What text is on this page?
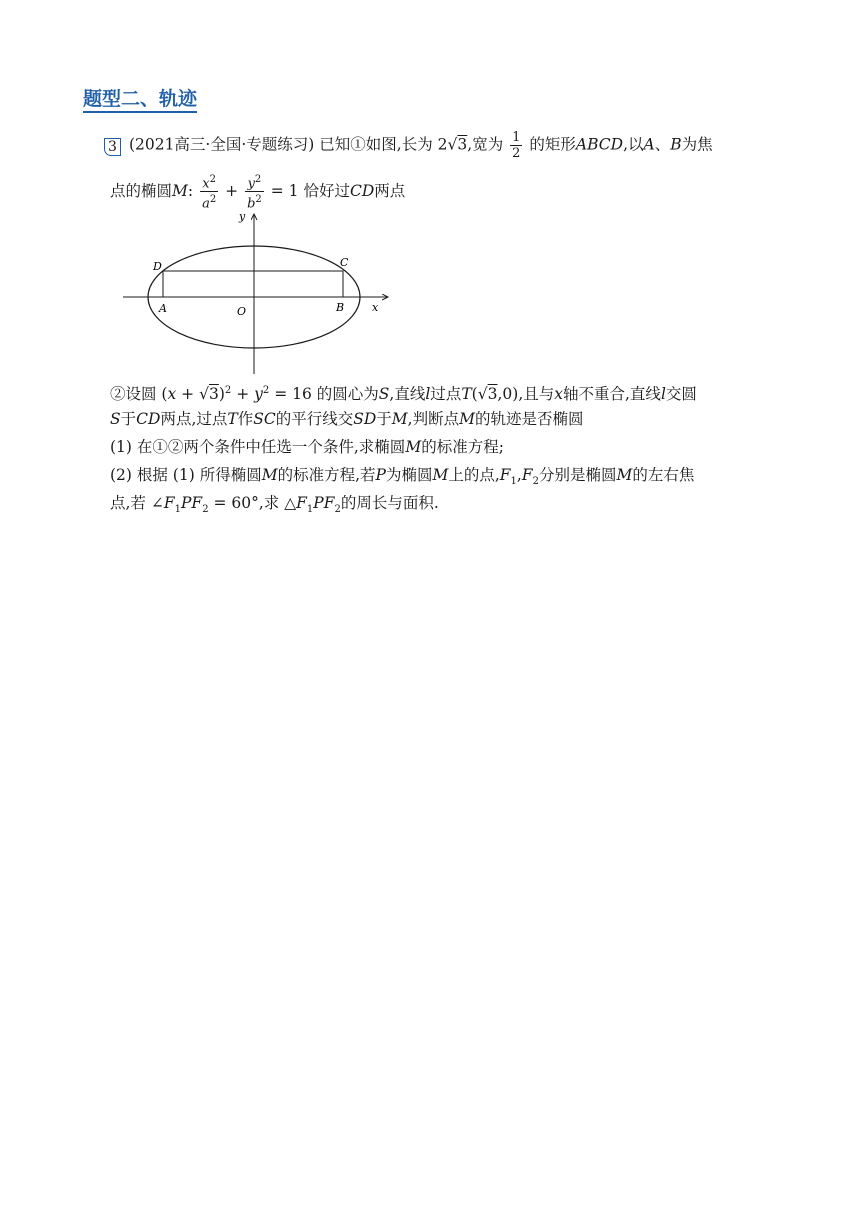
题型二、轨迹
3 (2021高三·全国·专题练习) 已知①如图,长为 2√3,宽为 $\frac{1}{2}$ 的矩形ABCD,以A、B为焦
点的椭圆M: $\frac{x^2}{a^2} + \frac{y^2}{b^2} = 1$ 恰好过CD两点
y
x
O
A	B
C
D
②设圆 $(x + √3)^2 + y^2 = 16$ 的圆心为S,直线l过点T(√3,0),且与x轴不重合,直线l交圆
S于CD两点,过点T作SC的平行线交SD于M,判断点M的轨迹是否椭圆
(1) 在①②两个条件中任选一个条件,求椭圆M的标准方程;
(2) 根据 (1) 所得椭圆M的标准方程,若P为椭圆M上的点$,F_1,F_2$分别是椭圆M的左右焦
点,若 $\angle F_1PF_2 = 60^\circ$,求 $\triangle F_1PF_2$的周长与面积.
